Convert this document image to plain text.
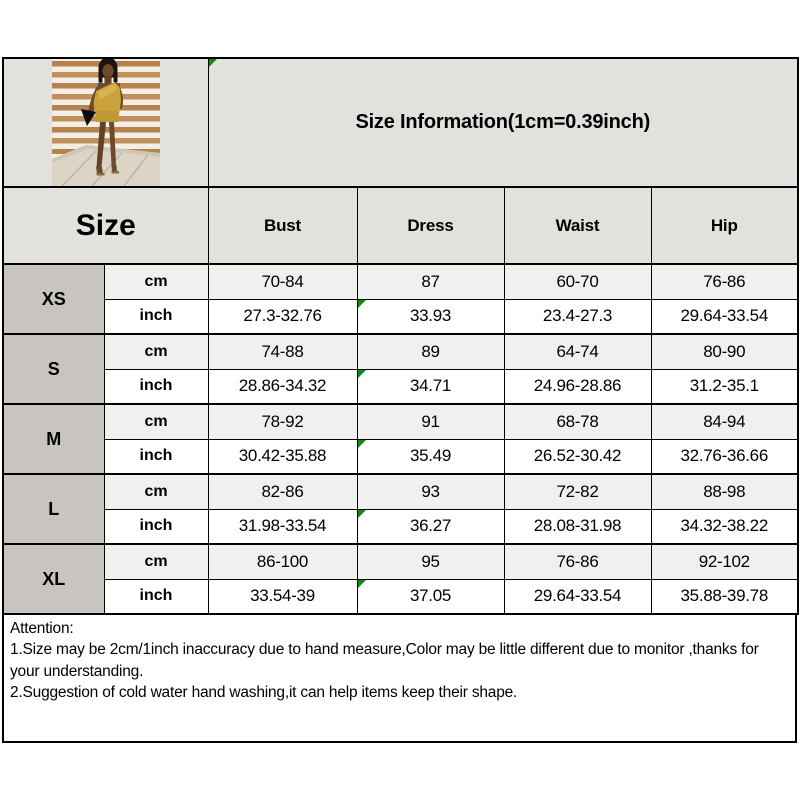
	Size Information(1cm=0.39inch)			
Size		Bust	Dress	Waist	Hip
XS	cm	70-84	87	60-70	76-86
	inch	27.3-32.76	33.93	23.4-27.3	29.64-33.54
S	cm	74-88	89	64-74	80-90
	inch	28.86-34.32	34.71	24.96-28.86	31.2-35.1
M	cm	78-92	91	68-78	84-94
	inch	30.42-35.88	35.49	26.52-30.42	32.76-36.66
L	cm	82-86	93	72-82	88-98
	inch	31.98-33.54	36.27	28.08-31.98	34.32-38.22
XL	cm	86-100	95	76-86	92-102
	inch	33.54-39	37.05	29.64-33.54	35.88-39.78
Attention:
1.Size may be 2cm/1inch inaccuracy due to hand measure,Color may be little different due to monitor ,thanks for your understanding.
2.Suggestion of cold water hand washing,it can help items keep their shape.
